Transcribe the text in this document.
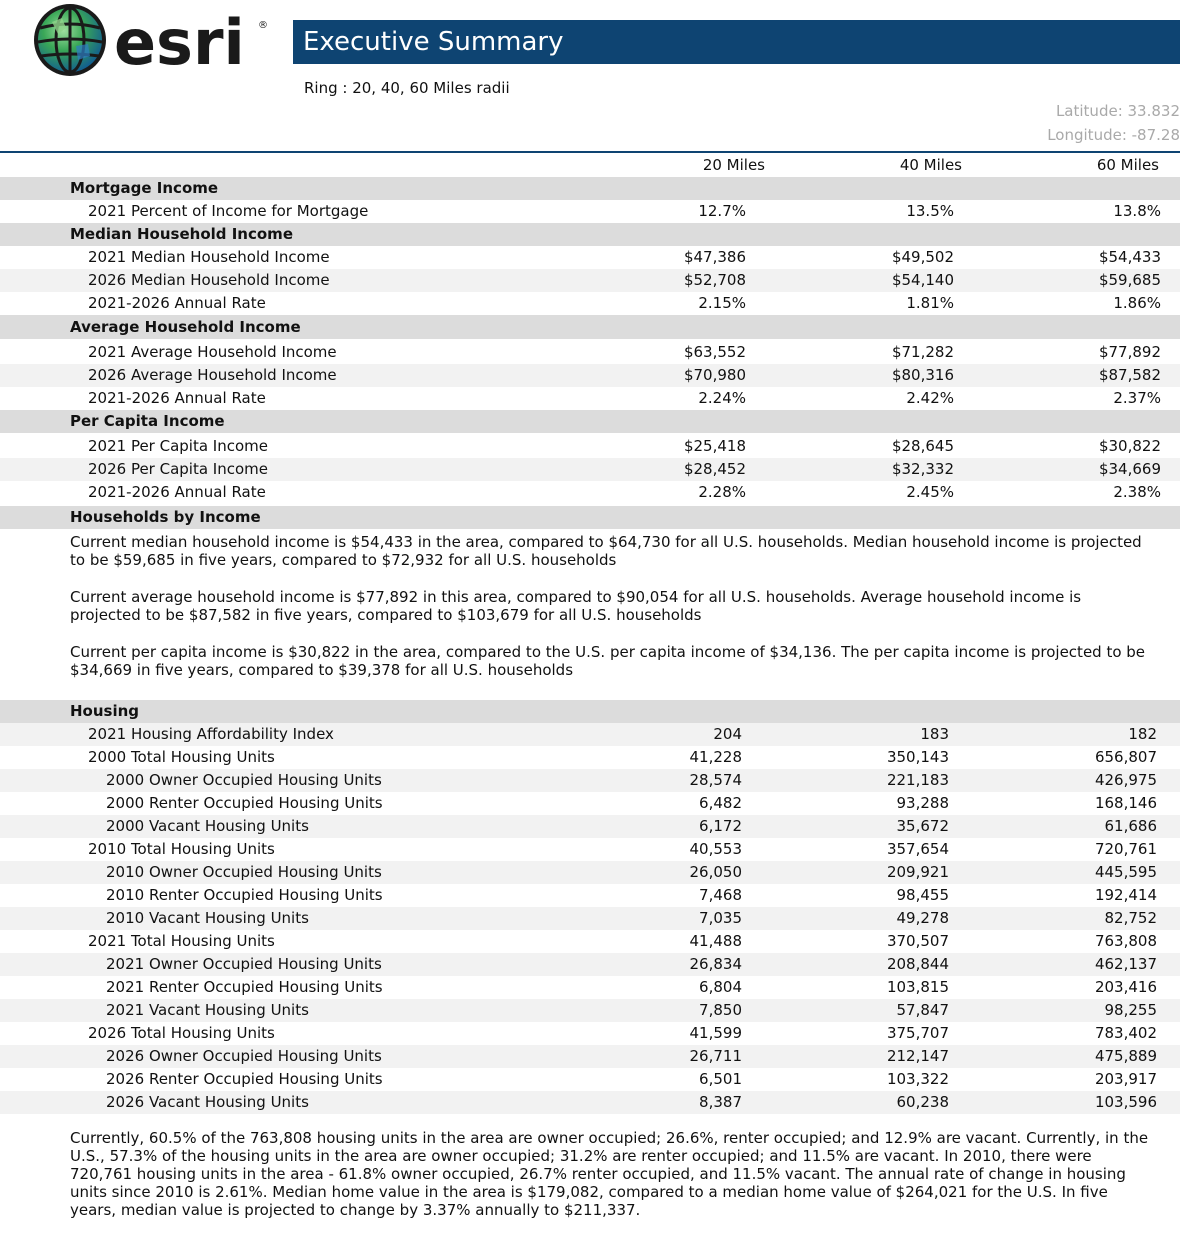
esri ®
Executive Summary
Ring : 20, 40, 60 Miles radii
Latitude: 33.832
Longitude: -87.28
20 Miles	40 Miles	60 Miles
Mortgage Income
2021 Percent of Income for Mortgage	12.7%	13.5%	13.8%
Median Household Income
2021 Median Household Income	$47,386	$49,502	$54,433
2026 Median Household Income	$52,708	$54,140	$59,685
2021-2026 Annual Rate	2.15%	1.81%	1.86%
Average Household Income
2021 Average Household Income	$63,552	$71,282	$77,892
2026 Average Household Income	$70,980	$80,316	$87,582
2021-2026 Annual Rate	2.24%	2.42%	2.37%
Per Capita Income
2021 Per Capita Income	$25,418	$28,645	$30,822
2026 Per Capita Income	$28,452	$32,332	$34,669
2021-2026 Annual Rate	2.28%	2.45%	2.38%
Households by Income

Current median household income is $54,433 in the area, compared to $64,730 for all U.S. households. Median household income is projected to be $59,685 in five years, compared to $72,932 for all U.S. households

Current average household income is $77,892 in this area, compared to $90,054 for all U.S. households. Average household income is projected to be $87,582 in five years, compared to $103,679 for all U.S. households

Current per capita income is $30,822 in the area, compared to the U.S. per capita income of $34,136. The per capita income is projected to be $34,669 in five years, compared to $39,378 for all U.S. households

Housing
2021 Housing Affordability Index	204	183	182
2000 Total Housing Units	41,228	350,143	656,807
2000 Owner Occupied Housing Units	28,574	221,183	426,975
2000 Renter Occupied Housing Units	6,482	93,288	168,146
2000 Vacant Housing Units	6,172	35,672	61,686
2010 Total Housing Units	40,553	357,654	720,761
2010 Owner Occupied Housing Units	26,050	209,921	445,595
2010 Renter Occupied Housing Units	7,468	98,455	192,414
2010 Vacant Housing Units	7,035	49,278	82,752
2021 Total Housing Units	41,488	370,507	763,808
2021 Owner Occupied Housing Units	26,834	208,844	462,137
2021 Renter Occupied Housing Units	6,804	103,815	203,416
2021 Vacant Housing Units	7,850	57,847	98,255
2026 Total Housing Units	41,599	375,707	783,402
2026 Owner Occupied Housing Units	26,711	212,147	475,889
2026 Renter Occupied Housing Units	6,501	103,322	203,917
2026 Vacant Housing Units	8,387	60,238	103,596

Currently, 60.5% of the 763,808 housing units in the area are owner occupied; 26.6%, renter occupied; and 12.9% are vacant. Currently, in the U.S., 57.3% of the housing units in the area are owner occupied; 31.2% are renter occupied; and 11.5% are vacant. In 2010, there were 720,761 housing units in the area - 61.8% owner occupied, 26.7% renter occupied, and 11.5% vacant. The annual rate of change in housing units since 2010 is 2.61%. Median home value in the area is $179,082, compared to a median home value of $264,021 for the U.S. In five years, median value is projected to change by 3.37% annually to $211,337.
